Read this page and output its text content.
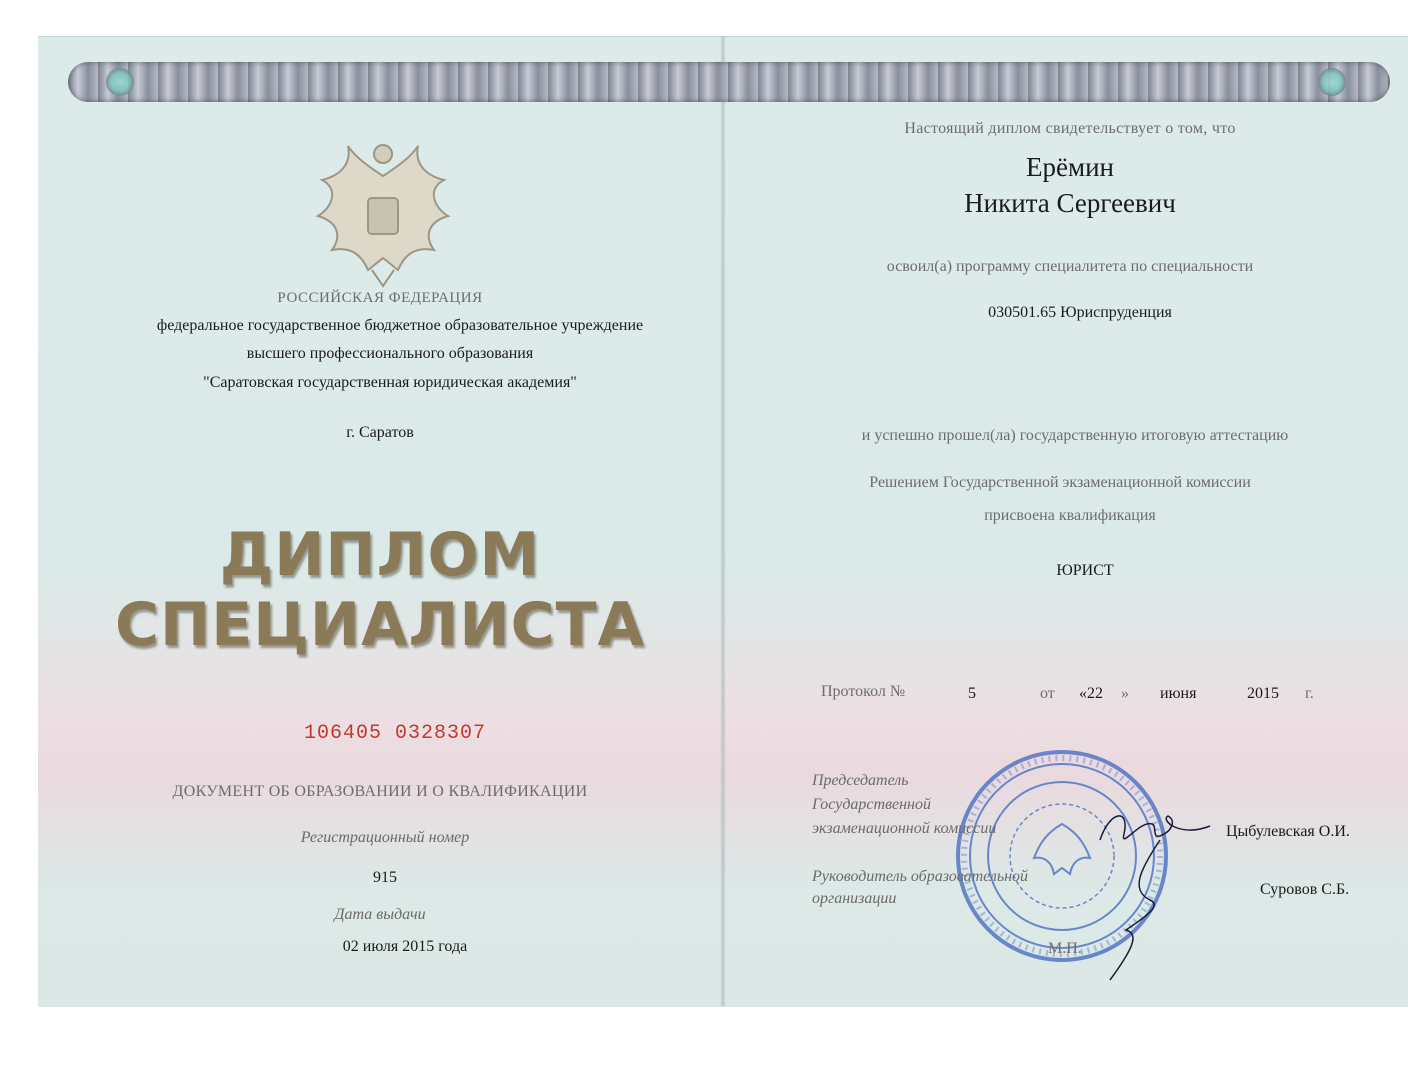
РОССИЙСКАЯ ФЕДЕРАЦИЯ
федеральное государственное бюджетное образовательное учреждение
высшего профессионального образования
"Саратовская государственная юридическая академия"
г. Саратов
ДИПЛОМ
СПЕЦИАЛИСТА
106405 0328307
ДОКУМЕНТ ОБ ОБРАЗОВАНИИ И О КВАЛИФИКАЦИИ
Регистрационный номер
915
Дата выдачи
02 июля 2015 года
Настоящий диплом свидетельствует о том, что
Ерёмин
Никита Сергеевич
освоил(а) программу специалитета по специальности
030501.65 Юриспруденция
и успешно прошел(ла) государственную итоговую аттестацию
Решением Государственной экзаменационной комиссии
присвоена квалификация
ЮРИСТ
Протокол №	5	от «22 » июня	2015 г.
Председатель
Государственной
экзаменационной комиссии	Цыбулевская О.И.
Руководитель образовательной
организации
Суровов С.Б.
М.П.
